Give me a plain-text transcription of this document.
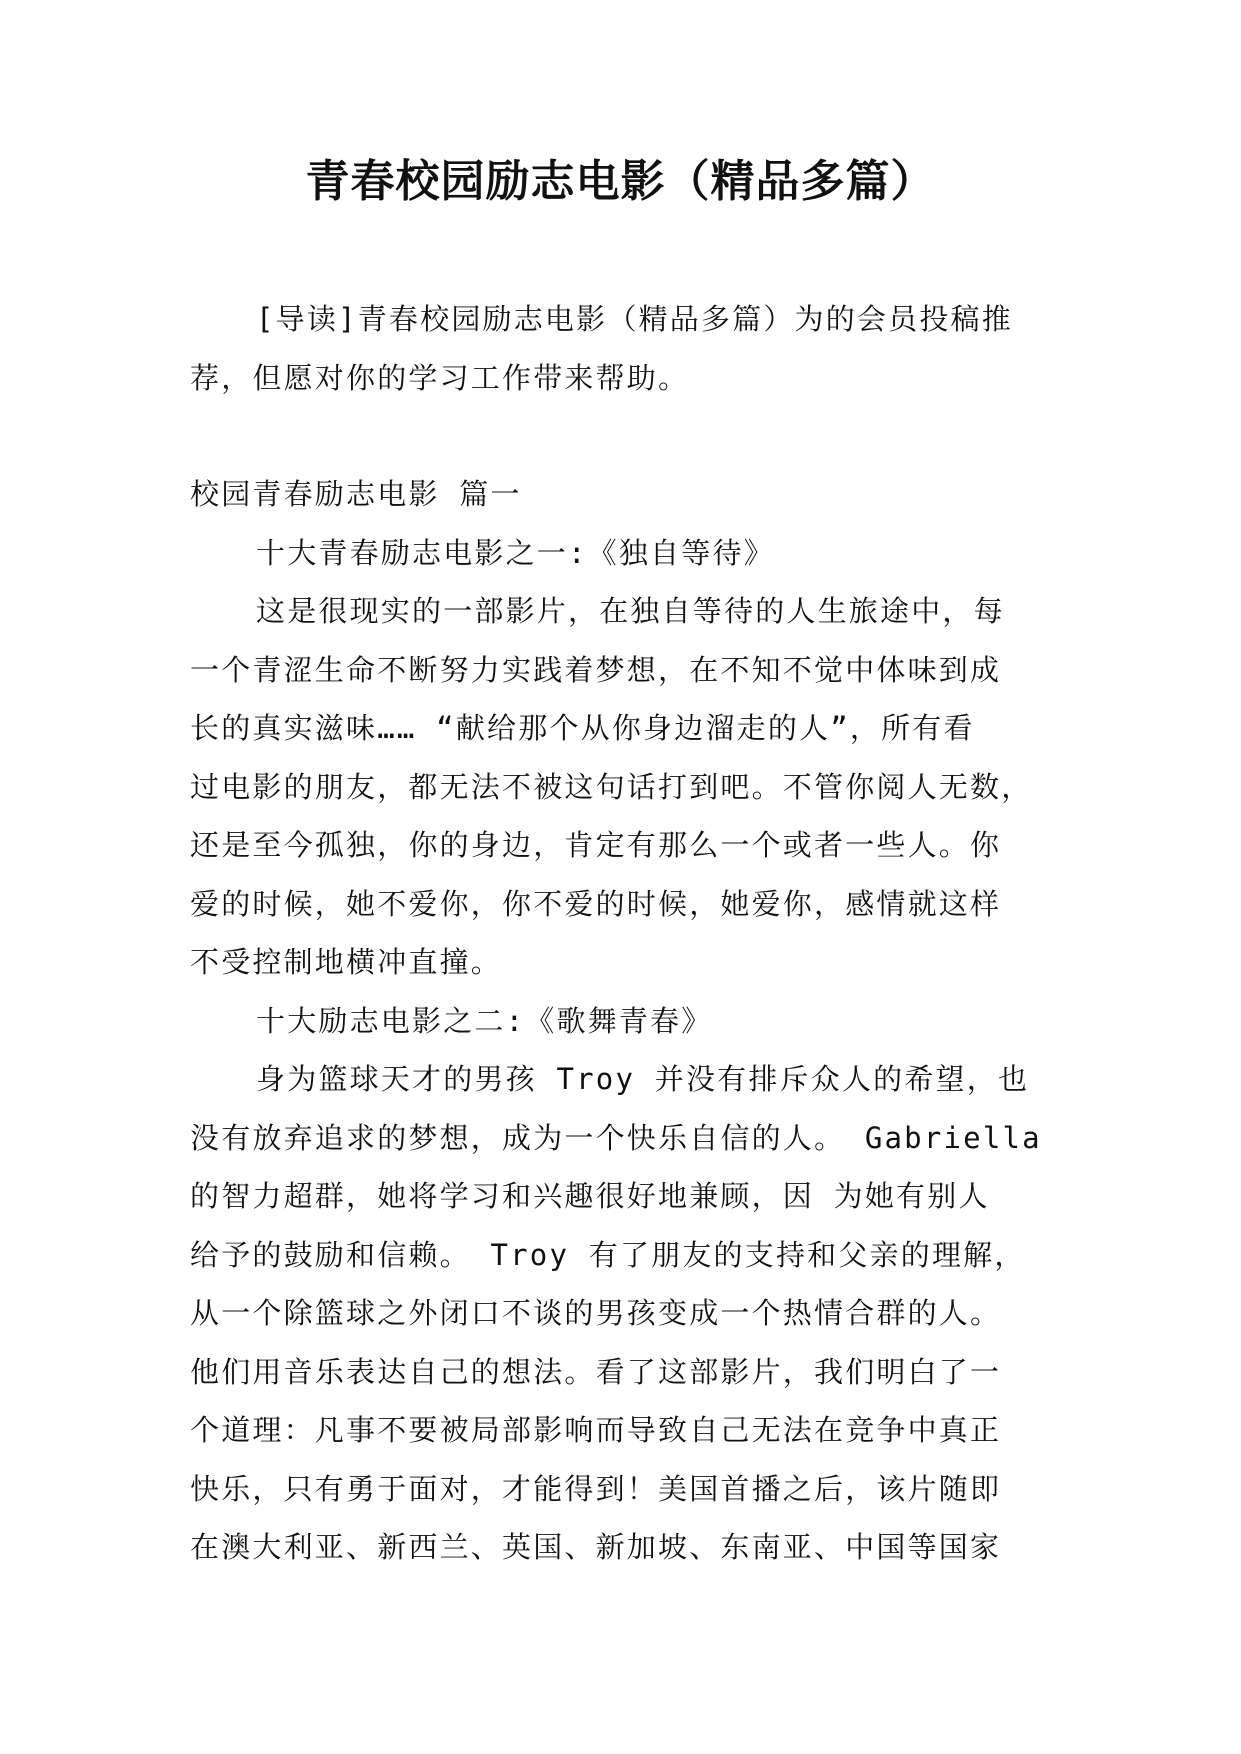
青春校园励志电影（精品多篇）
[导读]青春校园励志电影（精品多篇）为的会员投稿推
荐，但愿对你的学习工作带来帮助。
校园青春励志电影 篇一
十大青春励志电影之一:《独自等待》
这是很现实的一部影片，在独自等待的人生旅途中，每
一个青涩生命不断努力实践着梦想，在不知不觉中体味到成
长的真实滋味…… “献给那个从你身边溜走的人”，所有看
过电影的朋友，都无法不被这句话打到吧。不管你阅人无数，
还是至今孤独，你的身边，肯定有那么一个或者一些人。你
爱的时候，她不爱你，你不爱的时候，她爱你，感情就这样
不受控制地横冲直撞。
十大励志电影之二:《歌舞青春》
身为篮球天才的男孩 Troy 并没有排斥众人的希望，也
没有放弃追求的梦想，成为一个快乐自信的人。 Gabriella
的智力超群，她将学习和兴趣很好地兼顾，因 为她有别人
给予的鼓励和信赖。 Troy 有了朋友的支持和父亲的理解，
从一个除篮球之外闭口不谈的男孩变成一个热情合群的人。
他们用音乐表达自己的想法。看了这部影片，我们明白了一
个道理：凡事不要被局部影响而导致自己无法在竞争中真正
快乐，只有勇于面对，才能得到！美国首播之后，该片随即
在澳大利亚、新西兰、英国、新加坡、东南亚、中国等国家
